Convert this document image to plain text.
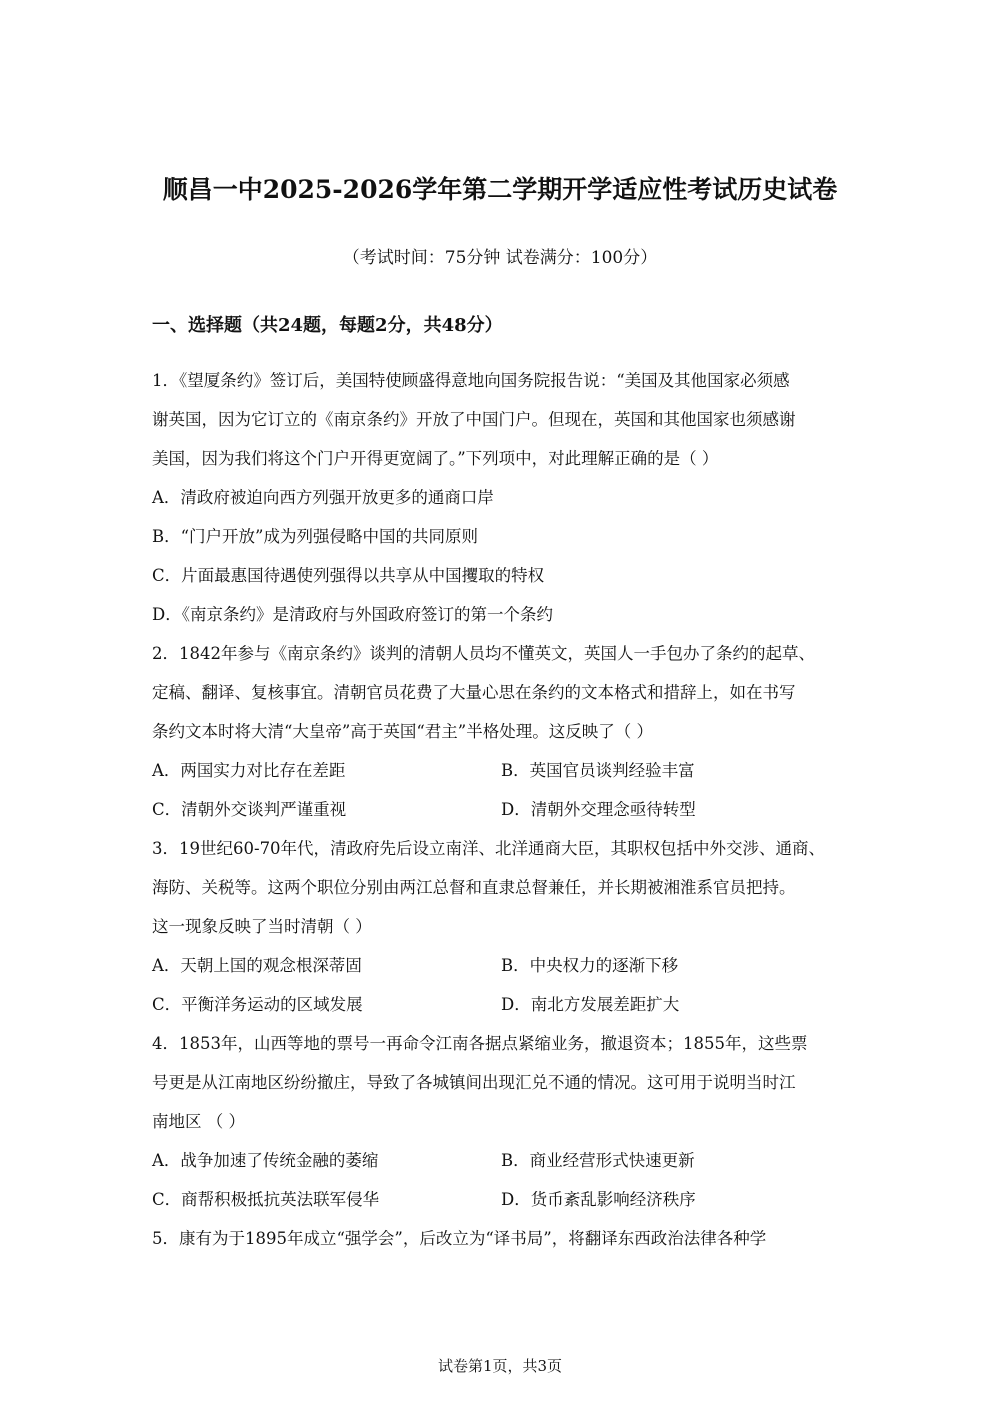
顺昌一中2025-2026学年第二学期开学适应性考试历史试卷
（考试时间：75分钟 试卷满分：100分）
一、选择题（共24题，每题2分，共48分）
1．《望厦条约》签订后，美国特使顾盛得意地向国务院报告说：“美国及其他国家必须感
谢英国，因为它订立的《南京条约》开放了中国门户。但现在，英国和其他国家也须感谢
美国，因为我们将这个门户开得更宽阔了。”下列项中，对此理解正确的是（ ）
A．清政府被迫向西方列强开放更多的通商口岸
B．“门户开放”成为列强侵略中国的共同原则
C．片面最惠国待遇使列强得以共享从中国攫取的特权
D．《南京条约》是清政府与外国政府签订的第一个条约
2．1842年参与《南京条约》谈判的清朝人员均不懂英文，英国人一手包办了条约的起草、
定稿、翻译、复核事宜。清朝官员花费了大量心思在条约的文本格式和措辞上，如在书写
条约文本时将大清“大皇帝”高于英国“君主”半格处理。这反映了（ ）
A．两国实力对比存在差距	B．英国官员谈判经验丰富
C．清朝外交谈判严谨重视	D．清朝外交理念亟待转型
3．19世纪60-70年代，清政府先后设立南洋、北洋通商大臣，其职权包括中外交涉、通商、
海防、关税等。这两个职位分别由两江总督和直隶总督兼任，并长期被湘淮系官员把持。
这一现象反映了当时清朝（ ）
A．天朝上国的观念根深蒂固	B．中央权力的逐渐下移
C．平衡洋务运动的区域发展	D．南北方发展差距扩大
4．1853年，山西等地的票号一再命令江南各据点紧缩业务，撤退资本；1855年，这些票
号更是从江南地区纷纷撤庄，导致了各城镇间出现汇兑不通的情况。这可用于说明当时江
南地区 （ ）
A．战争加速了传统金融的萎缩	B．商业经营形式快速更新
C．商帮积极抵抗英法联军侵华	D．货币紊乱影响经济秩序
5．康有为于1895年成立“强学会”，后改立为“译书局”，将翻译东西政治法律各种学
试卷第1页，共3页
